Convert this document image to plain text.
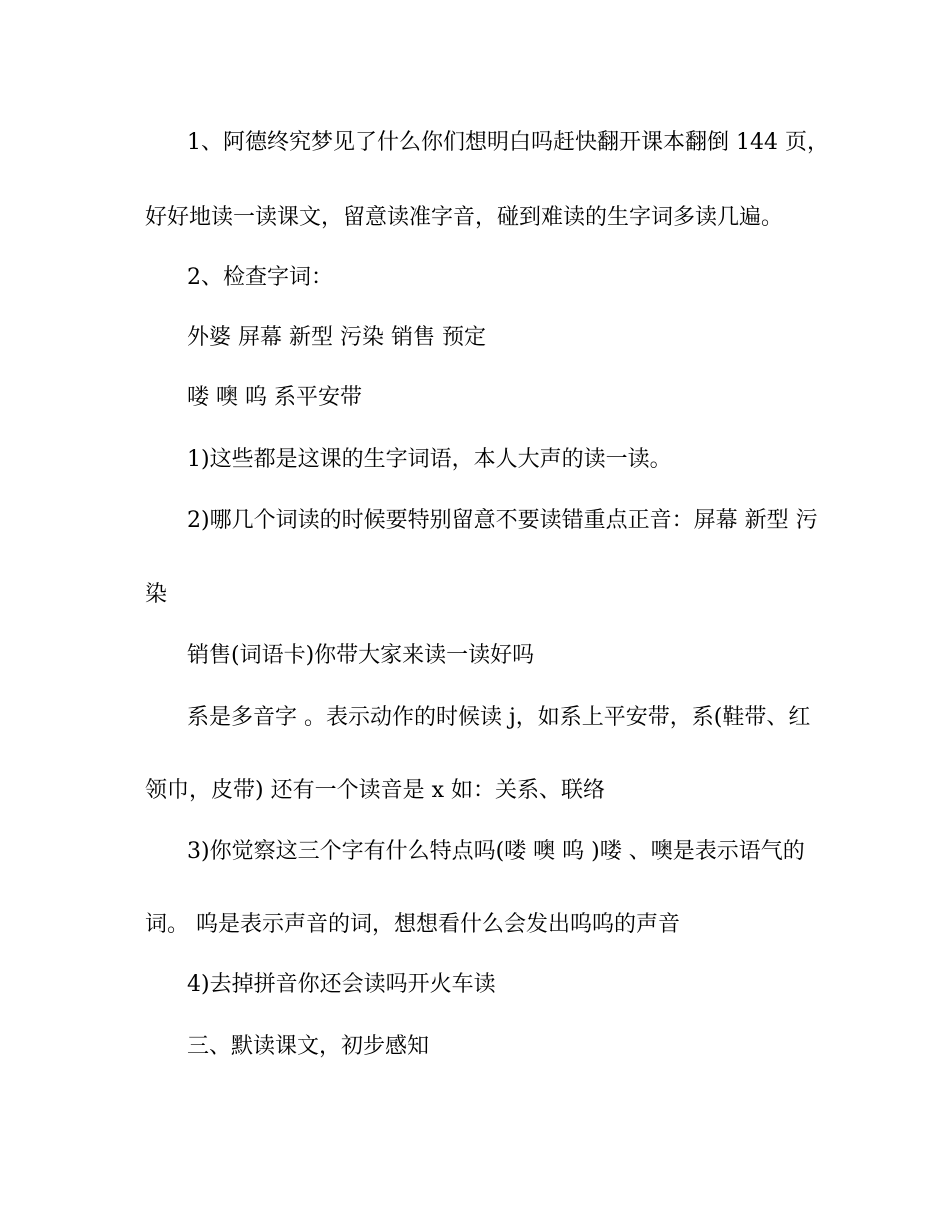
1、阿德终究梦见了什么你们想明白吗赶快翻开课本翻倒 144 页，
好好地读一读课文，留意读准字音，碰到难读的生字词多读几遍。
2、检查字词：
外婆 屏幕 新型 污染 销售 预定
喽 噢 呜 系平安带
1)这些都是这课的生字词语，本人大声的读一读。
2)哪几个词读的时候要特别留意不要读错重点正音：屏幕 新型 污
染
销售(词语卡)你带大家来读一读好吗
系是多音字 。表示动作的时候读 j，如系上平安带，系(鞋带、红
领巾，皮带) 还有一个读音是 x 如：关系、联络
3)你觉察这三个字有什么特点吗(喽 噢 呜 )喽 、噢是表示语气的
词。 呜是表示声音的词，想想看什么会发出呜呜的声音
4)去掉拼音你还会读吗开火车读
三、默读课文，初步感知
